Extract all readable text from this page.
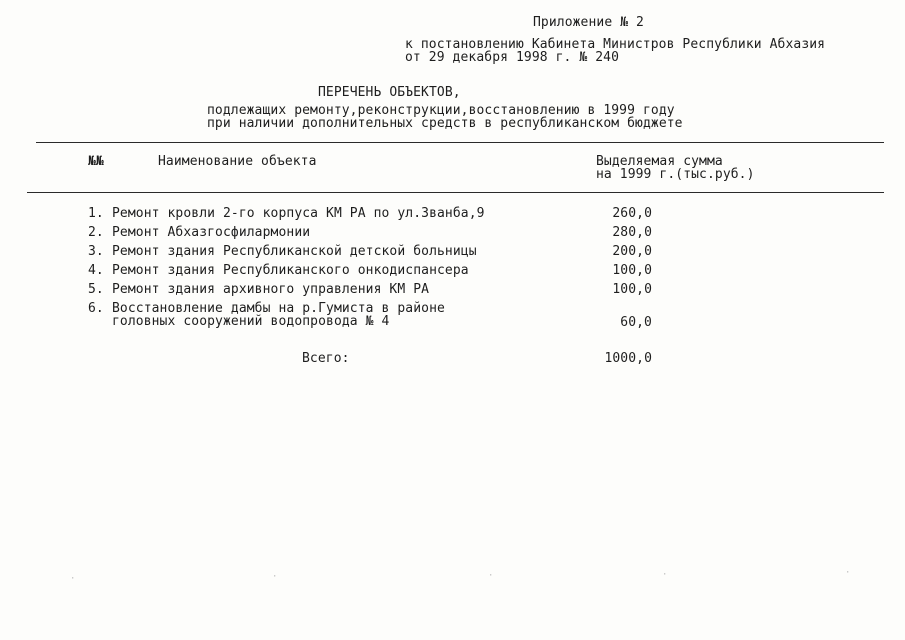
Приложение № 2
к постановлению Кабинета Министров Республики Абхазия
от 29 декабря 1998 г. № 240
ПЕРЕЧЕНЬ ОБЪЕКТОВ,
подлежащих ремонту,реконструкции,восстановлению в 1999 году
при наличии дополнительных средств в республиканском бюджете
№№	Наименование объекта	Выделяемая сумма
на 1999 г.(тыс.руб.)
1. Ремонт кровли 2-го корпуса КМ РА по ул.Званба,9	260,0
2. Ремонт Абхазгосфилармонии	280,0
3. Ремонт здания Республиканской детской больницы	200,0
4. Ремонт здания Республиканского онкодиспансера	100,0
5. Ремонт здания архивного управления КМ РА	100,0
6. Восстановление дамбы на р.Гумиста в районе
головных сооружений водопровода № 4	60,0
Всего:	1000,0
·	·	·	·	·
